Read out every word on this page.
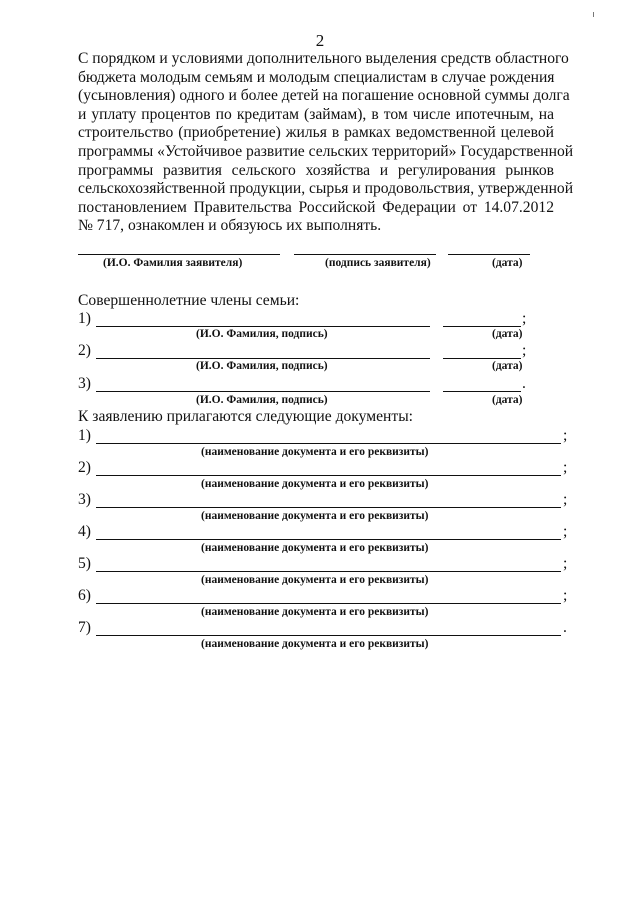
2
С порядком и условиями дополнительного выделения средств областного
бюджета молодым семьям и молодым специалистам в случае рождения
(усыновления) одного и более детей на погашение основной суммы долга
и уплату процентов по кредитам (займам), в том числе ипотечным, на
строительство (приобретение) жилья в рамках ведомственной целевой
программы «Устойчивое развитие сельских территорий» Государственной
программы развития сельского хозяйства и регулирования рынков
сельскохозяйственной продукции, сырья и продовольствия, утвержденной
постановлением Правительства Российской Федерации от 14.07.2012
№ 717, ознакомлен и обязуюсь их выполнять.
(И.О. Фамилия заявителя)	(подпись заявителя)	(дата)
Совершеннолетние члены семьи:
1)	;
(И.О. Фамилия, подпись)	(дата)
2)	;
(И.О. Фамилия, подпись)	(дата)
3)	.
(И.О. Фамилия, подпись)	(дата)
К заявлению прилагаются следующие документы:
1)	;
(наименование документа и его реквизиты)
2)	;
(наименование документа и его реквизиты)
3)	;
(наименование документа и его реквизиты)
4)	;
(наименование документа и его реквизиты)
5)	;
(наименование документа и его реквизиты)
6)	;
(наименование документа и его реквизиты)
7)	.
(наименование документа и его реквизиты)
